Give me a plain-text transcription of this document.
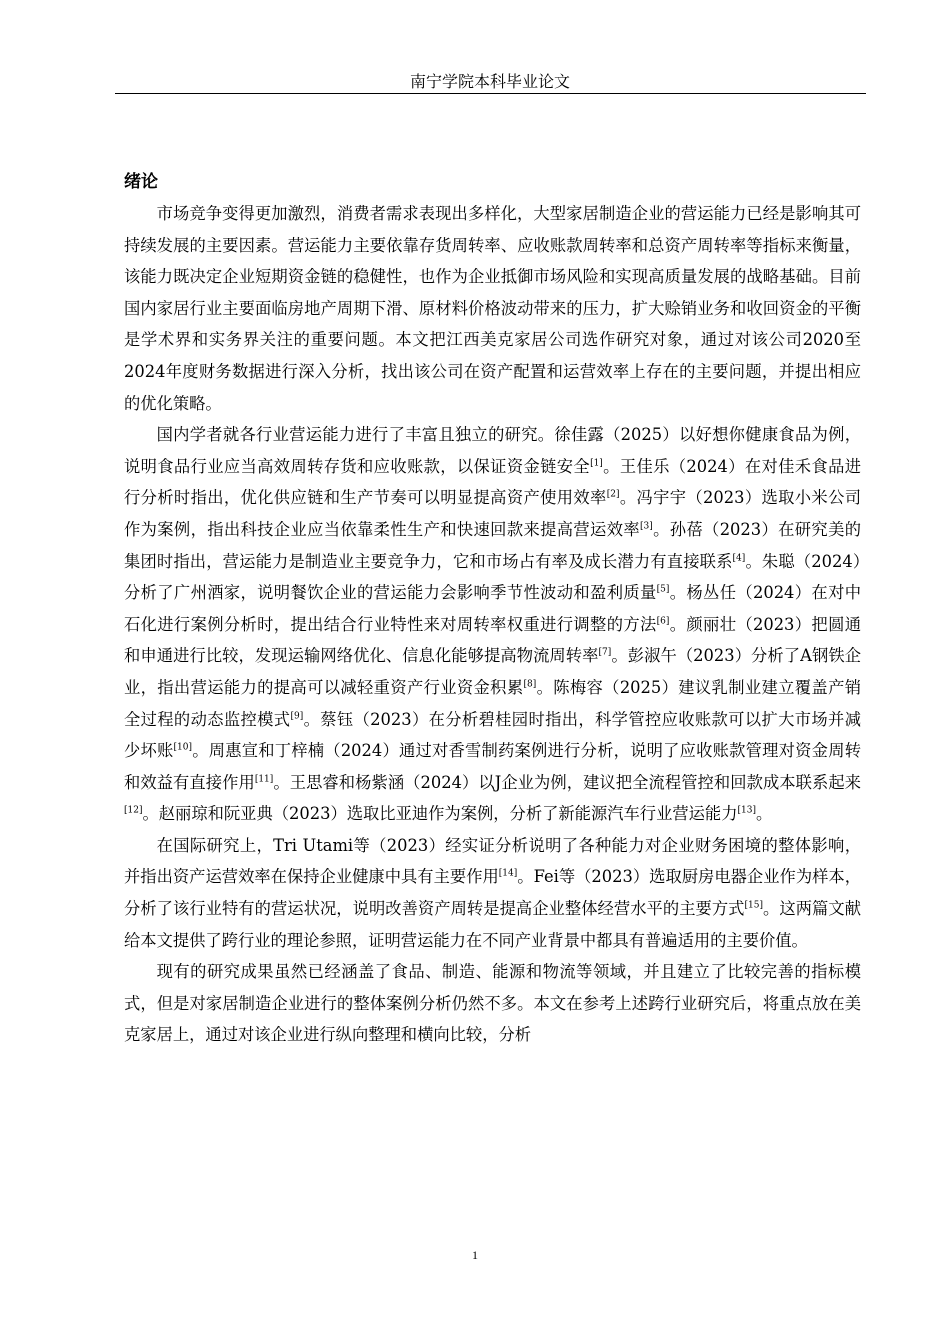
南宁学院本科毕业论文
绪论

市场竞争变得更加激烈，消费者需求表现出多样化，大型家居制造企业的营运能力已经是影响其可持续发展的主要因素。营运能力主要依靠存货周转率、应收账款周转率和总资产周转率等指标来衡量，该能力既决定企业短期资金链的稳健性，也作为企业抵御市场风险和实现高质量发展的战略基础。目前国内家居行业主要面临房地产周期下滑、原材料价格波动带来的压力，扩大赊销业务和收回资金的平衡是学术界和实务界关注的重要问题。本文把江西美克家居公司选作研究对象，通过对该公司2020至2024年度财务数据进行深入分析，找出该公司在资产配置和运营效率上存在的主要问题，并提出相应的优化策略。

国内学者就各行业营运能力进行了丰富且独立的研究。徐佳露（2025）以好想你健康食品为例，说明食品行业应当高效周转存货和应收账款，以保证资金链安全[1]。王佳乐（2024）在对佳禾食品进行分析时指出，优化供应链和生产节奏可以明显提高资产使用效率[2]。冯宇宇（2023）选取小米公司作为案例，指出科技企业应当依靠柔性生产和快速回款来提高营运效率[3]。孙蓓（2023）在研究美的集团时指出，营运能力是制造业主要竞争力，它和市场占有率及成长潜力有直接联系[4]。朱聪（2024）分析了广州酒家，说明餐饮企业的营运能力会影响季节性波动和盈利质量[5]。杨丛任（2024）在对中石化进行案例分析时，提出结合行业特性来对周转率权重进行调整的方法[6]。颜丽壮（2023）把圆通和申通进行比较，发现运输网络优化、信息化能够提高物流周转率[7]。彭淑午（2023）分析了A钢铁企业，指出营运能力的提高可以减轻重资产行业资金积累[8]。陈梅容（2025）建议乳制业建立覆盖产销全过程的动态监控模式[9]。蔡钰（2023）在分析碧桂园时指出，科学管控应收账款可以扩大市场并减少坏账[10]。周惠宣和丁梓楠（2024）通过对香雪制药案例进行分析，说明了应收账款管理对资金周转和效益有直接作用[11]。王思睿和杨紫涵（2024）以J企业为例，建议把全流程管控和回款成本联系起来[12]。赵丽琼和阮亚典（2023）选取比亚迪作为案例，分析了新能源汽车行业营运能力[13]。

在国际研究上，Tri Utami等（2023）经实证分析说明了各种能力对企业财务困境的整体影响，并指出资产运营效率在保持企业健康中具有主要作用[14]。Fei等（2023）选取厨房电器企业作为样本，分析了该行业特有的营运状况，说明改善资产周转是提高企业整体经营水平的主要方式[15]。这两篇文献给本文提供了跨行业的理论参照，证明营运能力在不同产业背景中都具有普遍适用的主要价值。

现有的研究成果虽然已经涵盖了食品、制造、能源和物流等领域，并且建立了比较完善的指标模式，但是对家居制造企业进行的整体案例分析仍然不多。本文在参考上述跨行业研究后，将重点放在美克家居上，通过对该企业进行纵向整理和横向比较，分析

1
